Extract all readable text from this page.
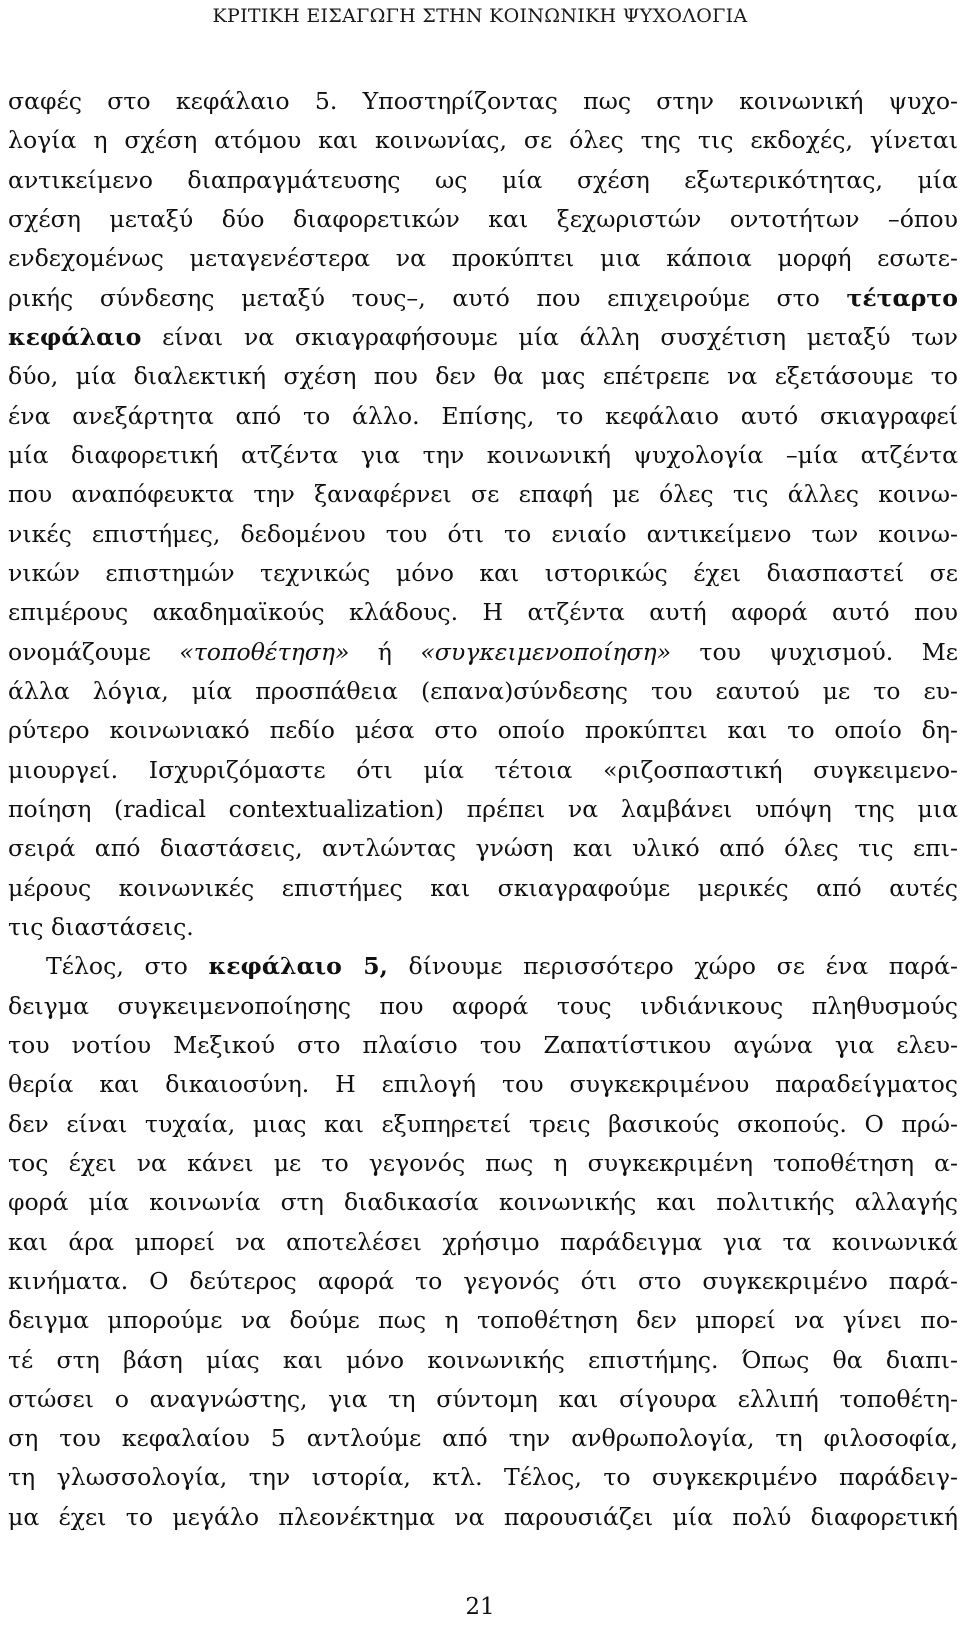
ΚΡΙΤΙΚΗ ΕΙΣΑΓΩΓΗ ΣΤΗΝ ΚΟΙΝΩΝΙΚΗ ΨΥΧΟΛΟΓΙΑ
σαφές στο κεφάλαιο 5. Υποστηρίζοντας πως στην κοινωνική ψυχο-
λογία η σχέση ατόμου και κοινωνίας, σε όλες της τις εκδοχές, γίνεται
αντικείμενο διαπραγμάτευσης ως μία σχέση εξωτερικότητας, μία
σχέση μεταξύ δύο διαφορετικών και ξεχωριστών οντοτήτων –όπου
ενδεχομένως μεταγενέστερα να προκύπτει μια κάποια μορφή εσωτε-
ρικής σύνδεσης μεταξύ τους–, αυτό που επιχειρούμε στο τέταρτο
κεφάλαιο είναι να σκιαγραφήσουμε μία άλλη συσχέτιση μεταξύ των
δύο, μία διαλεκτική σχέση που δεν θα μας επέτρεπε να εξετάσουμε το
ένα ανεξάρτητα από το άλλο. Επίσης, το κεφάλαιο αυτό σκιαγραφεί
μία διαφορετική ατζέντα για την κοινωνική ψυχολογία –μία ατζέντα
που αναπόφευκτα την ξαναφέρνει σε επαφή με όλες τις άλλες κοινω-
νικές επιστήμες, δεδομένου του ότι το ενιαίο αντικείμενο των κοινω-
νικών επιστημών τεχνικώς μόνο και ιστορικώς έχει διασπαστεί σε
επιμέρους ακαδημαϊκούς κλάδους. Η ατζέντα αυτή αφορά αυτό που
ονομάζουμε «τοποθέτηση» ή «συγκειμενοποίηση» του ψυχισμού. Με
άλλα λόγια, μία προσπάθεια (επανα)σύνδεσης του εαυτού με το ευ-
ρύτερο κοινωνιακό πεδίο μέσα στο οποίο προκύπτει και το οποίο δη-
μιουργεί. Ισχυριζόμαστε ότι μία τέτοια «ριζοσπαστική συγκειμενο-
ποίηση (radical contextualization) πρέπει να λαμβάνει υπόψη της μια
σειρά από διαστάσεις, αντλώντας γνώση και υλικό από όλες τις επι-
μέρους κοινωνικές επιστήμες και σκιαγραφούμε μερικές από αυτές
τις διαστάσεις.
Τέλος, στο κεφάλαιο 5, δίνουμε περισσότερο χώρο σε ένα παρά-
δειγμα συγκειμενοποίησης που αφορά τους ινδιάνικους πληθυσμούς
του νοτίου Μεξικού στο πλαίσιο του Ζαπατίστικου αγώνα για ελευ-
θερία και δικαιοσύνη. Η επιλογή του συγκεκριμένου παραδείγματος
δεν είναι τυχαία, μιας και εξυπηρετεί τρεις βασικούς σκοπούς. Ο πρώ-
τος έχει να κάνει με το γεγονός πως η συγκεκριμένη τοποθέτηση α-
φορά μία κοινωνία στη διαδικασία κοινωνικής και πολιτικής αλλαγής
και άρα μπορεί να αποτελέσει χρήσιμο παράδειγμα για τα κοινωνικά
κινήματα. Ο δεύτερος αφορά το γεγονός ότι στο συγκεκριμένο παρά-
δειγμα μπορούμε να δούμε πως η τοποθέτηση δεν μπορεί να γίνει πο-
τέ στη βάση μίας και μόνο κοινωνικής επιστήμης. Όπως θα διαπι-
στώσει ο αναγνώστης, για τη σύντομη και σίγουρα ελλιπή τοποθέτη-
ση του κεφαλαίου 5 αντλούμε από την ανθρωπολογία, τη φιλοσοφία,
τη γλωσσολογία, την ιστορία, κτλ. Τέλος, το συγκεκριμένο παράδειγ-
μα έχει το μεγάλο πλεονέκτημα να παρουσιάζει μία πολύ διαφορετική
21
